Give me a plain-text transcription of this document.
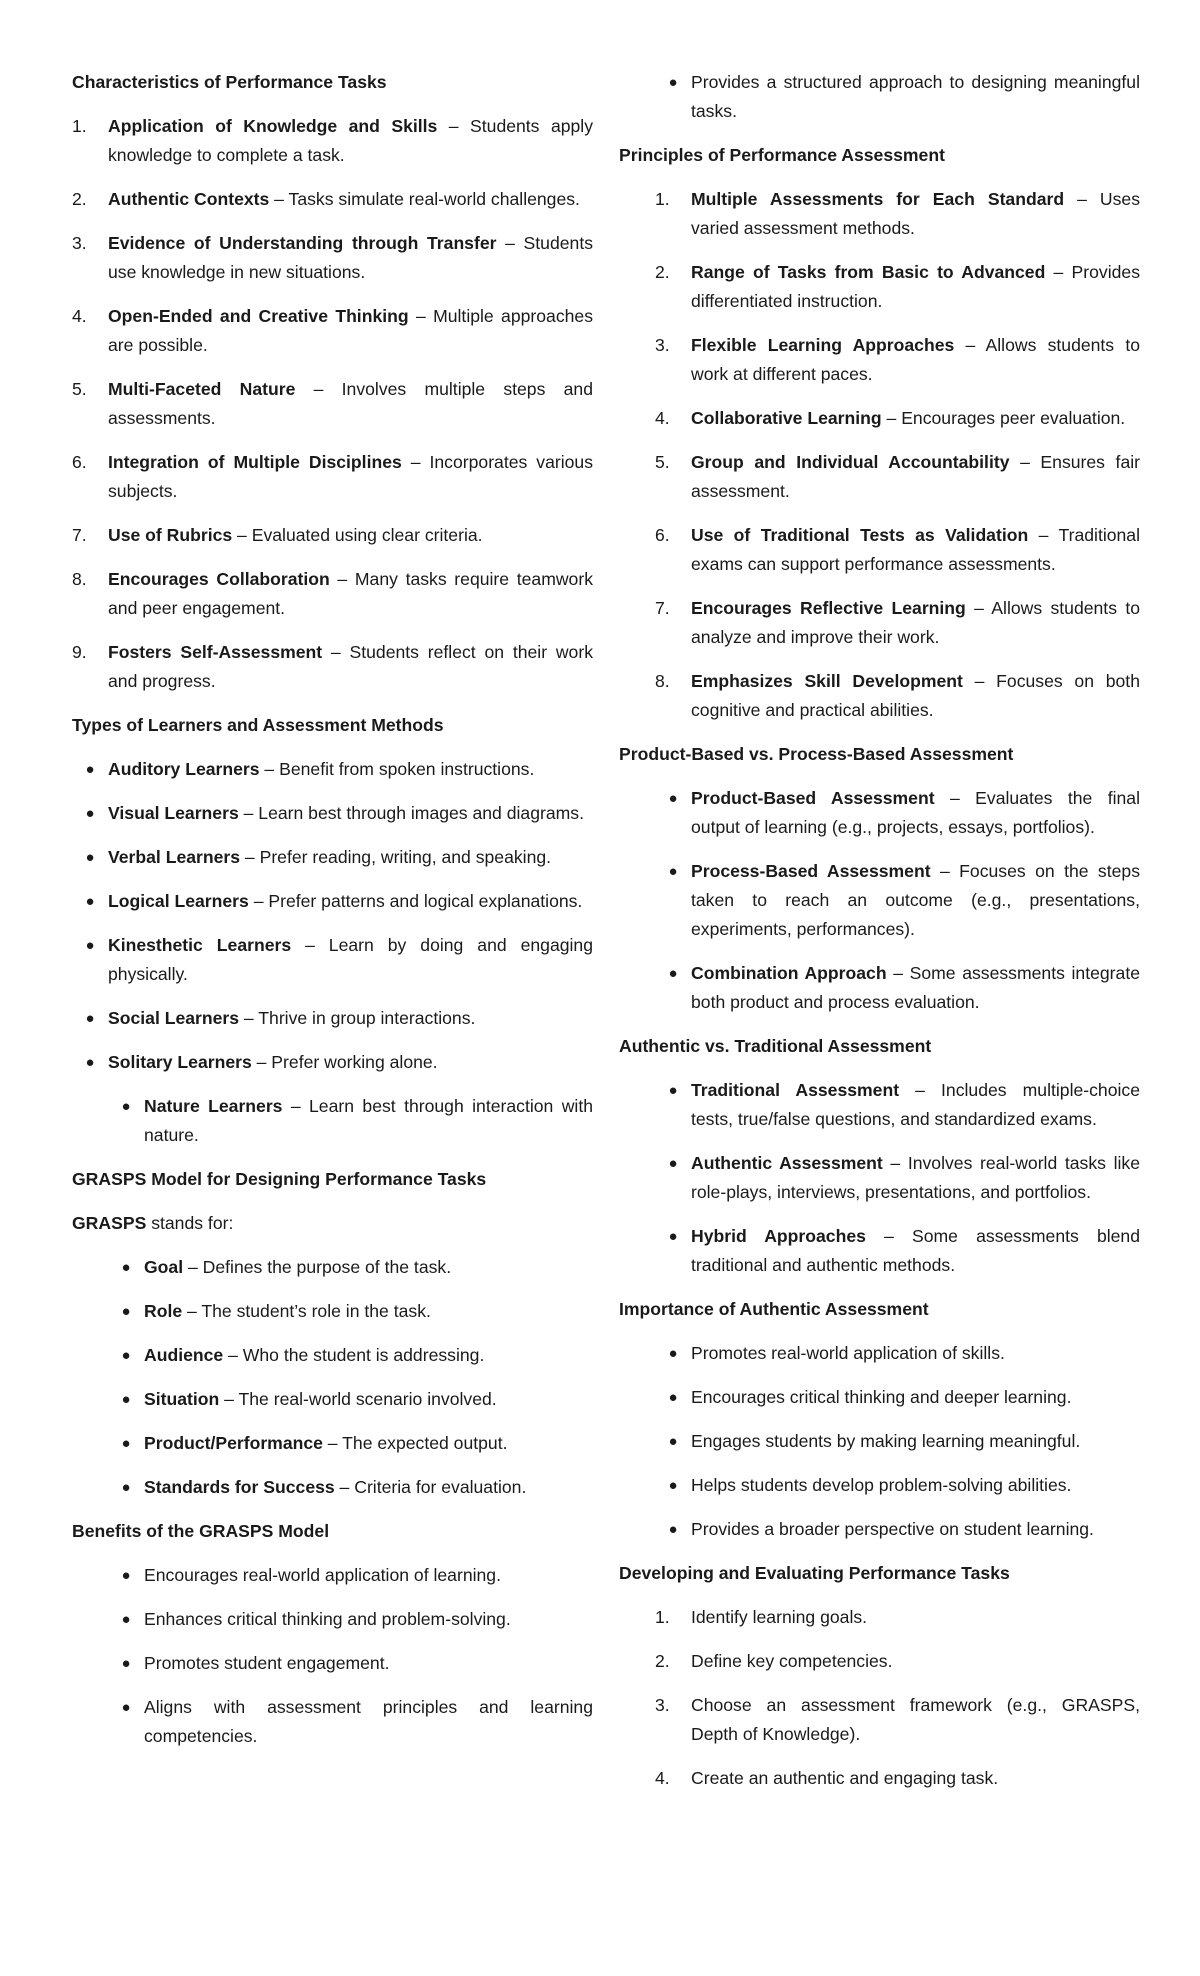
Characteristics of Performance Tasks
1.	Application of Knowledge and Skills – Students apply knowledge to complete a task.
2.	Authentic Contexts – Tasks simulate real-world challenges.
3.	Evidence of Understanding through Transfer – Students use knowledge in new situations.
4.	Open-Ended and Creative Thinking – Multiple approaches are possible.
5.	Multi-Faceted Nature – Involves multiple steps and assessments.
6.	Integration of Multiple Disciplines – Incorporates various subjects.
7.	Use of Rubrics – Evaluated using clear criteria.
8.	Encourages Collaboration – Many tasks require teamwork and peer engagement.
9.	Fosters Self-Assessment – Students reflect on their work and progress.
Types of Learners and Assessment Methods
● Auditory Learners – Benefit from spoken instructions.
● Visual Learners – Learn best through images and diagrams.
● Verbal Learners – Prefer reading, writing, and speaking.
● Logical Learners – Prefer patterns and logical explanations.
● Kinesthetic Learners – Learn by doing and engaging physically.
● Social Learners – Thrive in group interactions.
● Solitary Learners – Prefer working alone.
● Nature Learners – Learn best through interaction with nature.
GRASPS Model for Designing Performance Tasks
GRASPS stands for:
● Goal – Defines the purpose of the task.
● Role – The student’s role in the task.
● Audience – Who the student is addressing.
● Situation – The real-world scenario involved.
● Product/Performance – The expected output.
● Standards for Success – Criteria for evaluation.
Benefits of the GRASPS Model
● Encourages real-world application of learning.
● Enhances critical thinking and problem-solving.
● Promotes student engagement.
● Aligns with assessment principles and learning competencies.
● Provides a structured approach to designing meaningful tasks.
Principles of Performance Assessment
1.	Multiple Assessments for Each Standard – Uses varied assessment methods.
2.	Range of Tasks from Basic to Advanced – Provides differentiated instruction.
3.	Flexible Learning Approaches – Allows students to work at different paces.
4.	Collaborative Learning – Encourages peer evaluation.
5.	Group and Individual Accountability – Ensures fair assessment.
6.	Use of Traditional Tests as Validation – Traditional exams can support performance assessments.
7.	Encourages Reflective Learning – Allows students to analyze and improve their work.
8.	Emphasizes Skill Development – Focuses on both cognitive and practical abilities.
Product-Based vs. Process-Based Assessment
● Product-Based Assessment – Evaluates the final output of learning (e.g., projects, essays, portfolios).
● Process-Based Assessment – Focuses on the steps taken to reach an outcome (e.g., presentations, experiments, performances).
● Combination Approach – Some assessments integrate both product and process evaluation.
Authentic vs. Traditional Assessment
● Traditional Assessment – Includes multiple-choice tests, true/false questions, and standardized exams.
● Authentic Assessment – Involves real-world tasks like role-plays, interviews, presentations, and portfolios.
● Hybrid Approaches – Some assessments blend traditional and authentic methods.
Importance of Authentic Assessment
● Promotes real-world application of skills.
● Encourages critical thinking and deeper learning.
● Engages students by making learning meaningful.
● Helps students develop problem-solving abilities.
● Provides a broader perspective on student learning.
Developing and Evaluating Performance Tasks
1.	Identify learning goals.
2.	Define key competencies.
3.	Choose an assessment framework (e.g., GRASPS, Depth of Knowledge).
4.	Create an authentic and engaging task.
